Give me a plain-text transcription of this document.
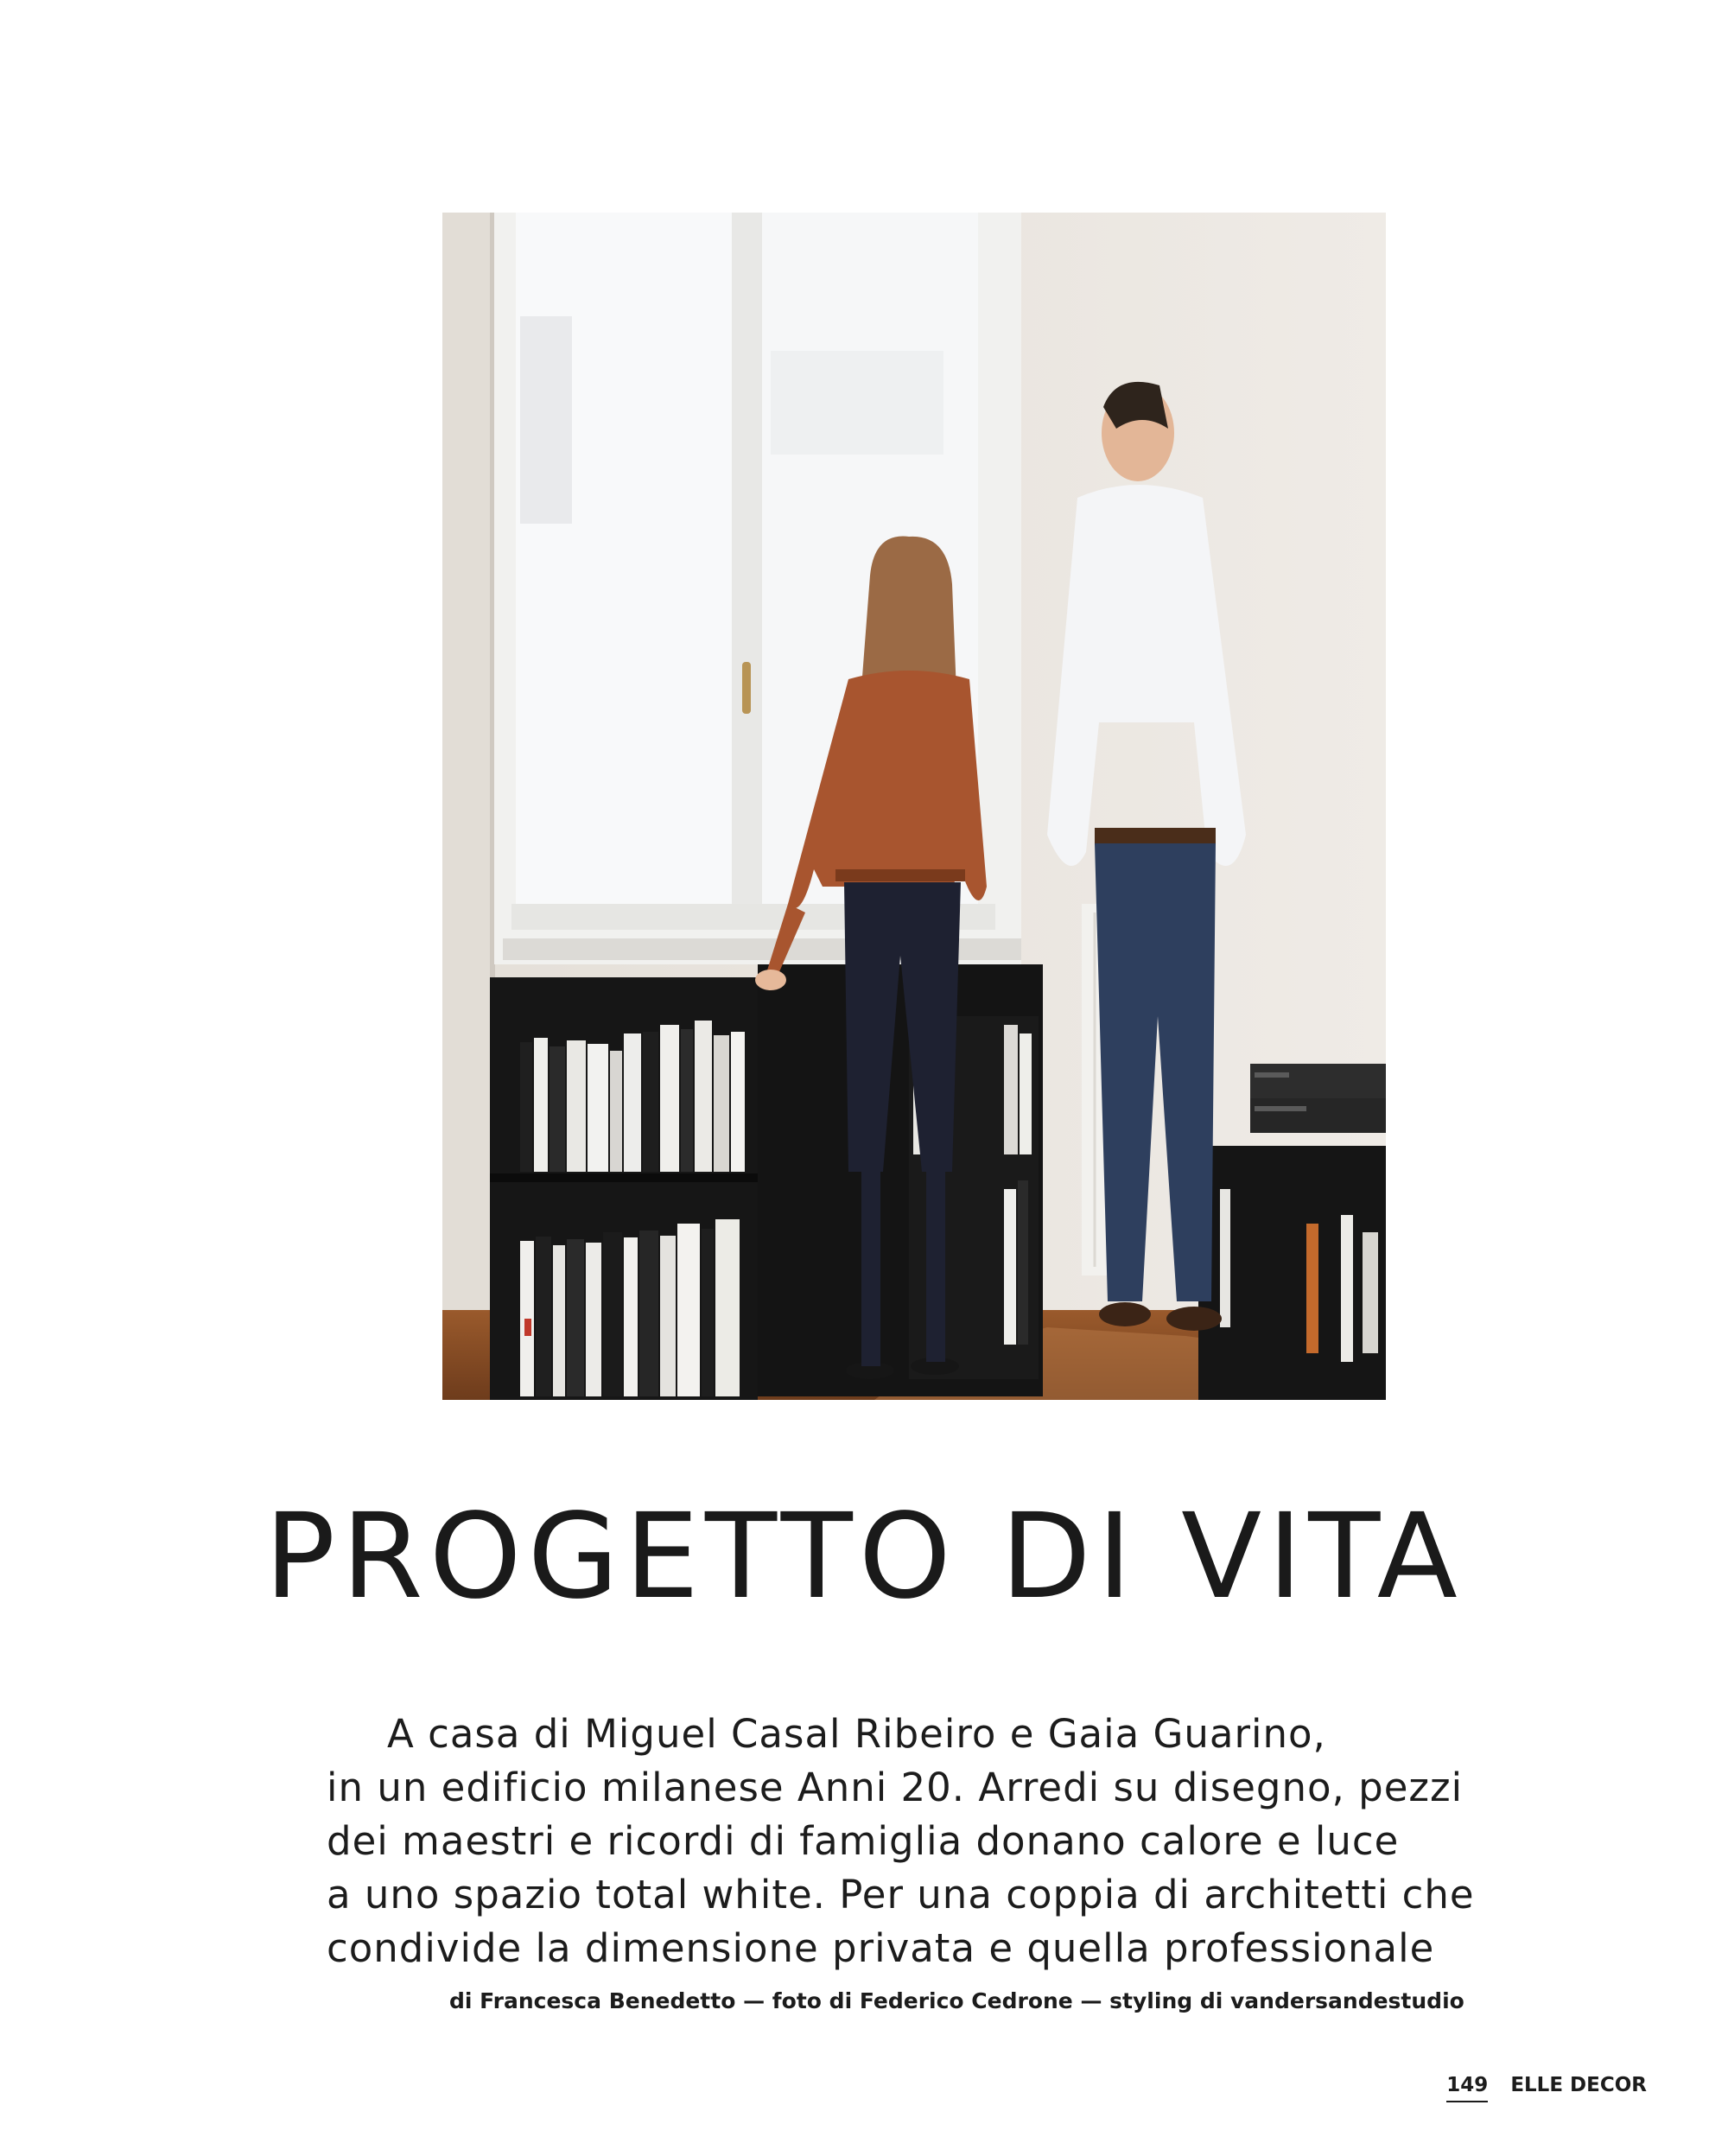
PROGETTO DI VITA
A casa di Miguel Casal Ribeiro e Gaia Guarino,
in un edificio milanese Anni 20. Arredi su disegno, pezzi
dei maestri e ricordi di famiglia donano calore e luce
a uno spazio total white. Per una coppia di architetti che
condivide la dimensione privata e quella professionale
di Francesca Benedetto — foto di Federico Cedrone — styling di vandersandestudio
149 ELLE DECOR
